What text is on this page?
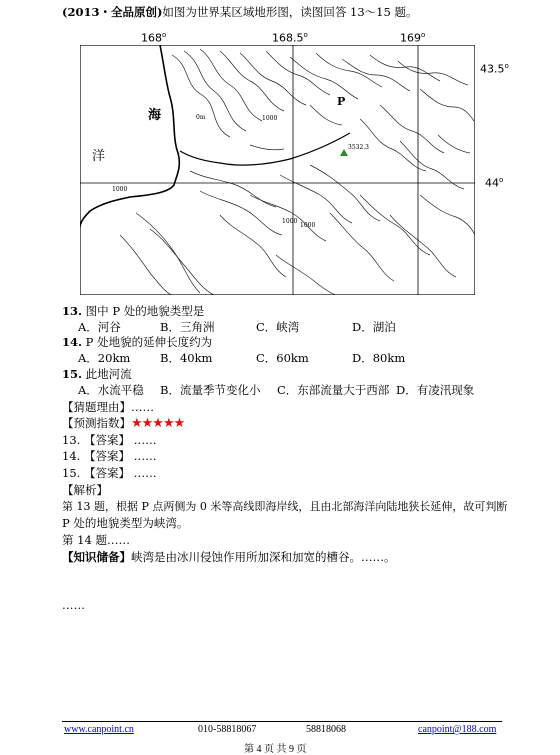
(2013・全品原创)如图为世界某区域地形图，读图回答 13～15 题。
168$^o$	168.5$^o$	169$^o$
43.5$^o$
44$^o$
海
洋
P
3532.3
0m	1000
1000
1000
1000
13. 图中 P 处的地貌类型是
A．河谷	B．三角洲	C．峡湾	D．湖泊
14. P 处地貌的延伸长度约为
A．20km	B．40km	C．60km	D．80km
15. 此地河流
A．水流平稳 B．流量季节变化小 C．东部流量大于西部 D．有凌汛现象
【猜题理由】……
【预测指数】★★★★★
13. 【答案】 ……
14. 【答案】 ……
15. 【答案】 ……
【解析】
第 13 题，根据 P 点两侧为 0 米等高线即海岸线，且由北部海洋向陆地狭长延伸，故可判断
P 处的地貌类型为峡湾。
第 14 题……
【知识储备】峡湾是由冰川侵蚀作用所加深和加宽的槽谷。……。
……
www.canpoint.cn	010-58818067	58818068	canpoint@188.com
第 4 页 共 9 页
